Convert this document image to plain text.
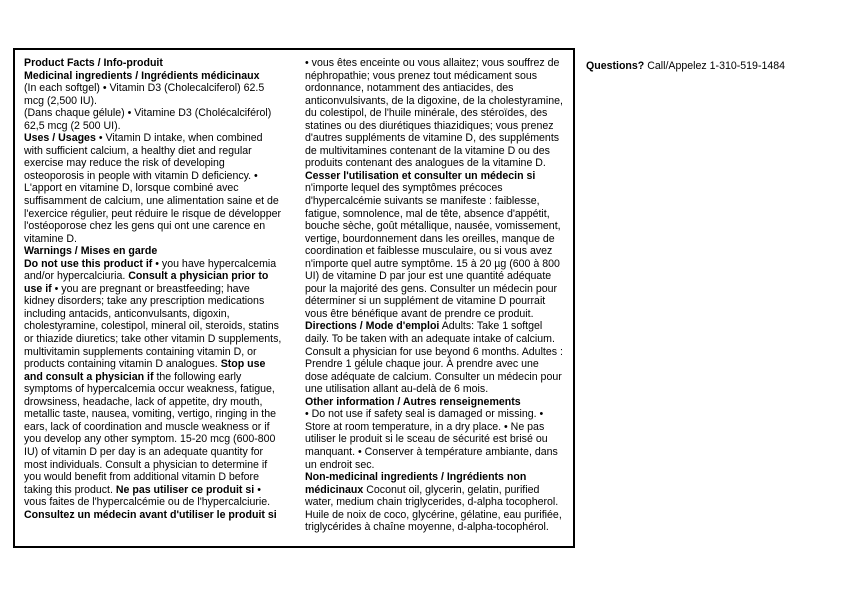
Product Facts / Info-produit
Medicinal ingredients / Ingrédients médicinaux
(In each softgel) • Vitamin D3 (Cholecalciferol) 62.5 mcg (2,500 IU).
(Dans chaque gélule) • Vitamine D3 (Cholécalciférol) 62,5 mcg (2 500 UI).
Uses / Usages • Vitamin D intake, when combined with sufficient calcium, a healthy diet and regular exercise may reduce the risk of developing osteoporosis in people with vitamin D deficiency. • L'apport en vitamine D, lorsque combiné avec suffisamment de calcium, une alimentation saine et de l'exercice régulier, peut réduire le risque de développer l'ostéoporose chez les gens qui ont une carence en vitamine D.
Warnings / Mises en garde
Do not use this product if • you have hypercalcemia and/or hypercalciuria. Consult a physician prior to use if • you are pregnant or breastfeeding; have kidney disorders; take any prescription medications including antacids, anticonvulsants, digoxin, cholestyramine, colestipol, mineral oil, steroids, statins or thiazide diuretics; take other vitamin D supplements, multivitamin supplements containing vitamin D, or products containing vitamin D analogues. Stop use and consult a physician if the following early symptoms of hypercalcemia occur weakness, fatigue, drowsiness, headache, lack of appetite, dry mouth, metallic taste, nausea, vomiting, vertigo, ringing in the ears, lack of coordination and muscle weakness or if you develop any other symptom. 15-20 mcg (600-800 IU) of vitamin D per day is an adequate quantity for most individuals. Consult a physician to determine if you would benefit from additional vitamin D before taking this product. Ne pas utiliser ce produit si • vous faites de l'hypercalcémie ou de l'hypercalciurie. Consultez un médecin avant d'utiliser le produit si
• vous êtes enceinte ou vous allaitez; vous souffrez de néphropathie; vous prenez tout médicament sous ordonnance, notamment des antiacides, des anticonvulsivants, de la digoxine, de la cholestyramine, du colestipol, de l'huile minérale, des stéroïdes, des statines ou des diurétiques thiazidiques; vous prenez d'autres suppléments de vitamine D, des suppléments de multivitamines contenant de la vitamine D ou des produits contenant des analogues de la vitamine D.
Cesser l'utilisation et consulter un médecin si n'importe lequel des symptômes précoces d'hypercalcémie suivants se manifeste : faiblesse, fatigue, somnolence, mal de tête, absence d'appétit, bouche sèche, goût métallique, nausée, vomissement, vertige, bourdonnement dans les oreilles, manque de coordination et faiblesse musculaire, ou si vous avez n'importe quel autre symptôme. 15 à 20 µg (600 à 800 UI) de vitamine D par jour est une quantité adéquate pour la majorité des gens. Consulter un médecin pour déterminer si un supplément de vitamine D pourrait vous être bénéfique avant de prendre ce produit. Directions / Mode d'emploi Adults: Take 1 softgel daily. To be taken with an adequate intake of calcium. Consult a physician for use beyond 6 months. Adultes : Prendre 1 gélule chaque jour. À prendre avec une dose adéquate de calcium. Consulter un médecin pour une utilisation allant au-delà de 6 mois.
Other information / Autres renseignements
• Do not use if safety seal is damaged or missing. • Store at room temperature, in a dry place. • Ne pas utiliser le produit si le sceau de sécurité est brisé ou manquant. • Conserver à température ambiante, dans un endroit sec.
Non-medicinal ingredients / Ingrédients non médicinaux Coconut oil, glycerin, gelatin, purified water, medium chain triglycerides, d-alpha tocopherol. Huile de noix de coco, glycérine, gélatine, eau purifiée, triglycérides à chaîne moyenne, d-alpha-tocophérol.
Questions? Call/Appelez 1-310-519-1484
